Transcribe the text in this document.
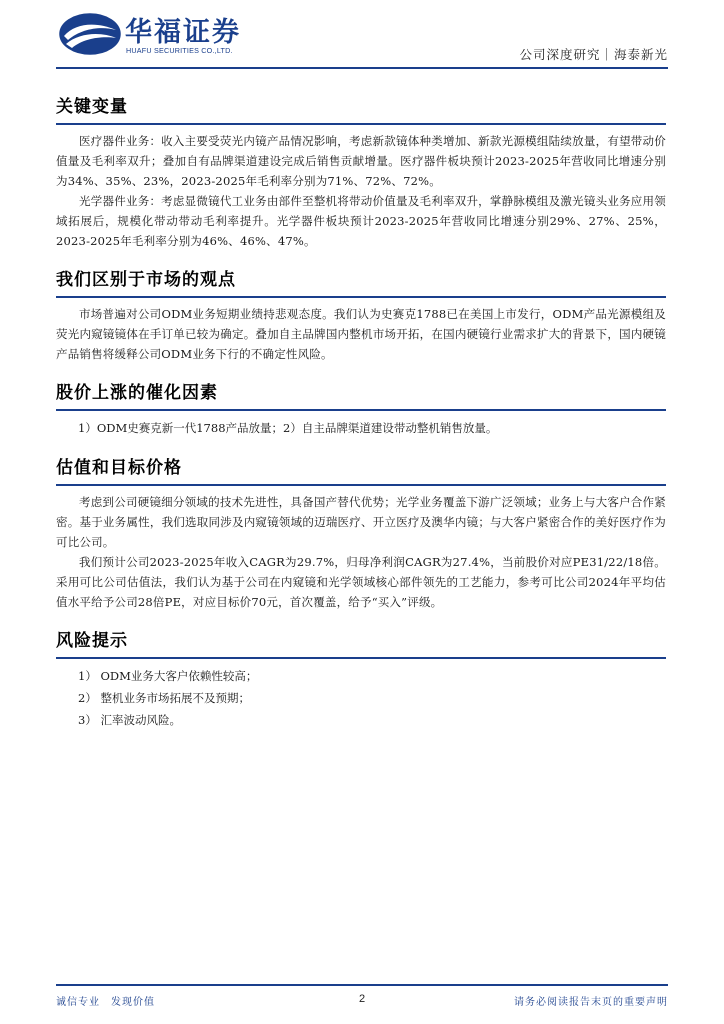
华福证券
HUAFU SECURITIES CO.,LTD.	公司深度研究｜海泰新光
关键变量

医疗器件业务：收入主要受荧光内镜产品情况影响，考虑新款镜体种类增加、新款光源模组陆续放量，有望带动价值量及毛利率双升；叠加自有品牌渠道建设完成后销售贡献增量。医疗器件板块预计2023-2025年营收同比增速分别为34%、35%、23%，2023-2025年毛利率分别为71%、72%、72%。

光学器件业务：考虑显微镜代工业务由部件至整机将带动价值量及毛利率双升，掌静脉模组及激光镜头业务应用领域拓展后，规模化带动带动毛利率提升。光学器件板块预计2023-2025年营收同比增速分别29%、27%、25%，2023-2025年毛利率分别为46%、46%、47%。

我们区别于市场的观点

市场普遍对公司ODM业务短期业绩持悲观态度。我们认为史赛克1788已在美国上市发行，ODM产品光源模组及荧光内窥镜镜体在手订单已较为确定。叠加自主品牌国内整机市场开拓，在国内硬镜行业需求扩大的背景下，国内硬镜产品销售将缓释公司ODM业务下行的不确定性风险。

股价上涨的催化因素

1）ODM史赛克新一代1788产品放量；2）自主品牌渠道建设带动整机销售放量。

估值和目标价格

考虑到公司硬镜细分领域的技术先进性，具备国产替代优势；光学业务覆盖下游广泛领域；业务上与大客户合作紧密。基于业务属性，我们选取同涉及内窥镜领域的迈瑞医疗、开立医疗及澳华内镜；与大客户紧密合作的美好医疗作为可比公司。

我们预计公司2023-2025年收入CAGR为29.7%，归母净利润CAGR为27.4%，当前股价对应PE31/22/18倍。采用可比公司估值法，我们认为基于公司在内窥镜和光学领域核心部件领先的工艺能力，参考可比公司2024年平均估值水平给予公司28倍PE，对应目标价70元，首次覆盖，给予“买入”评级。

风险提示

1） ODM业务大客户依赖性较高；

2） 整机业务市场拓展不及预期；

3） 汇率波动风险。

诚信专业　发现价值	2	请务必阅读报告末页的重要声明
